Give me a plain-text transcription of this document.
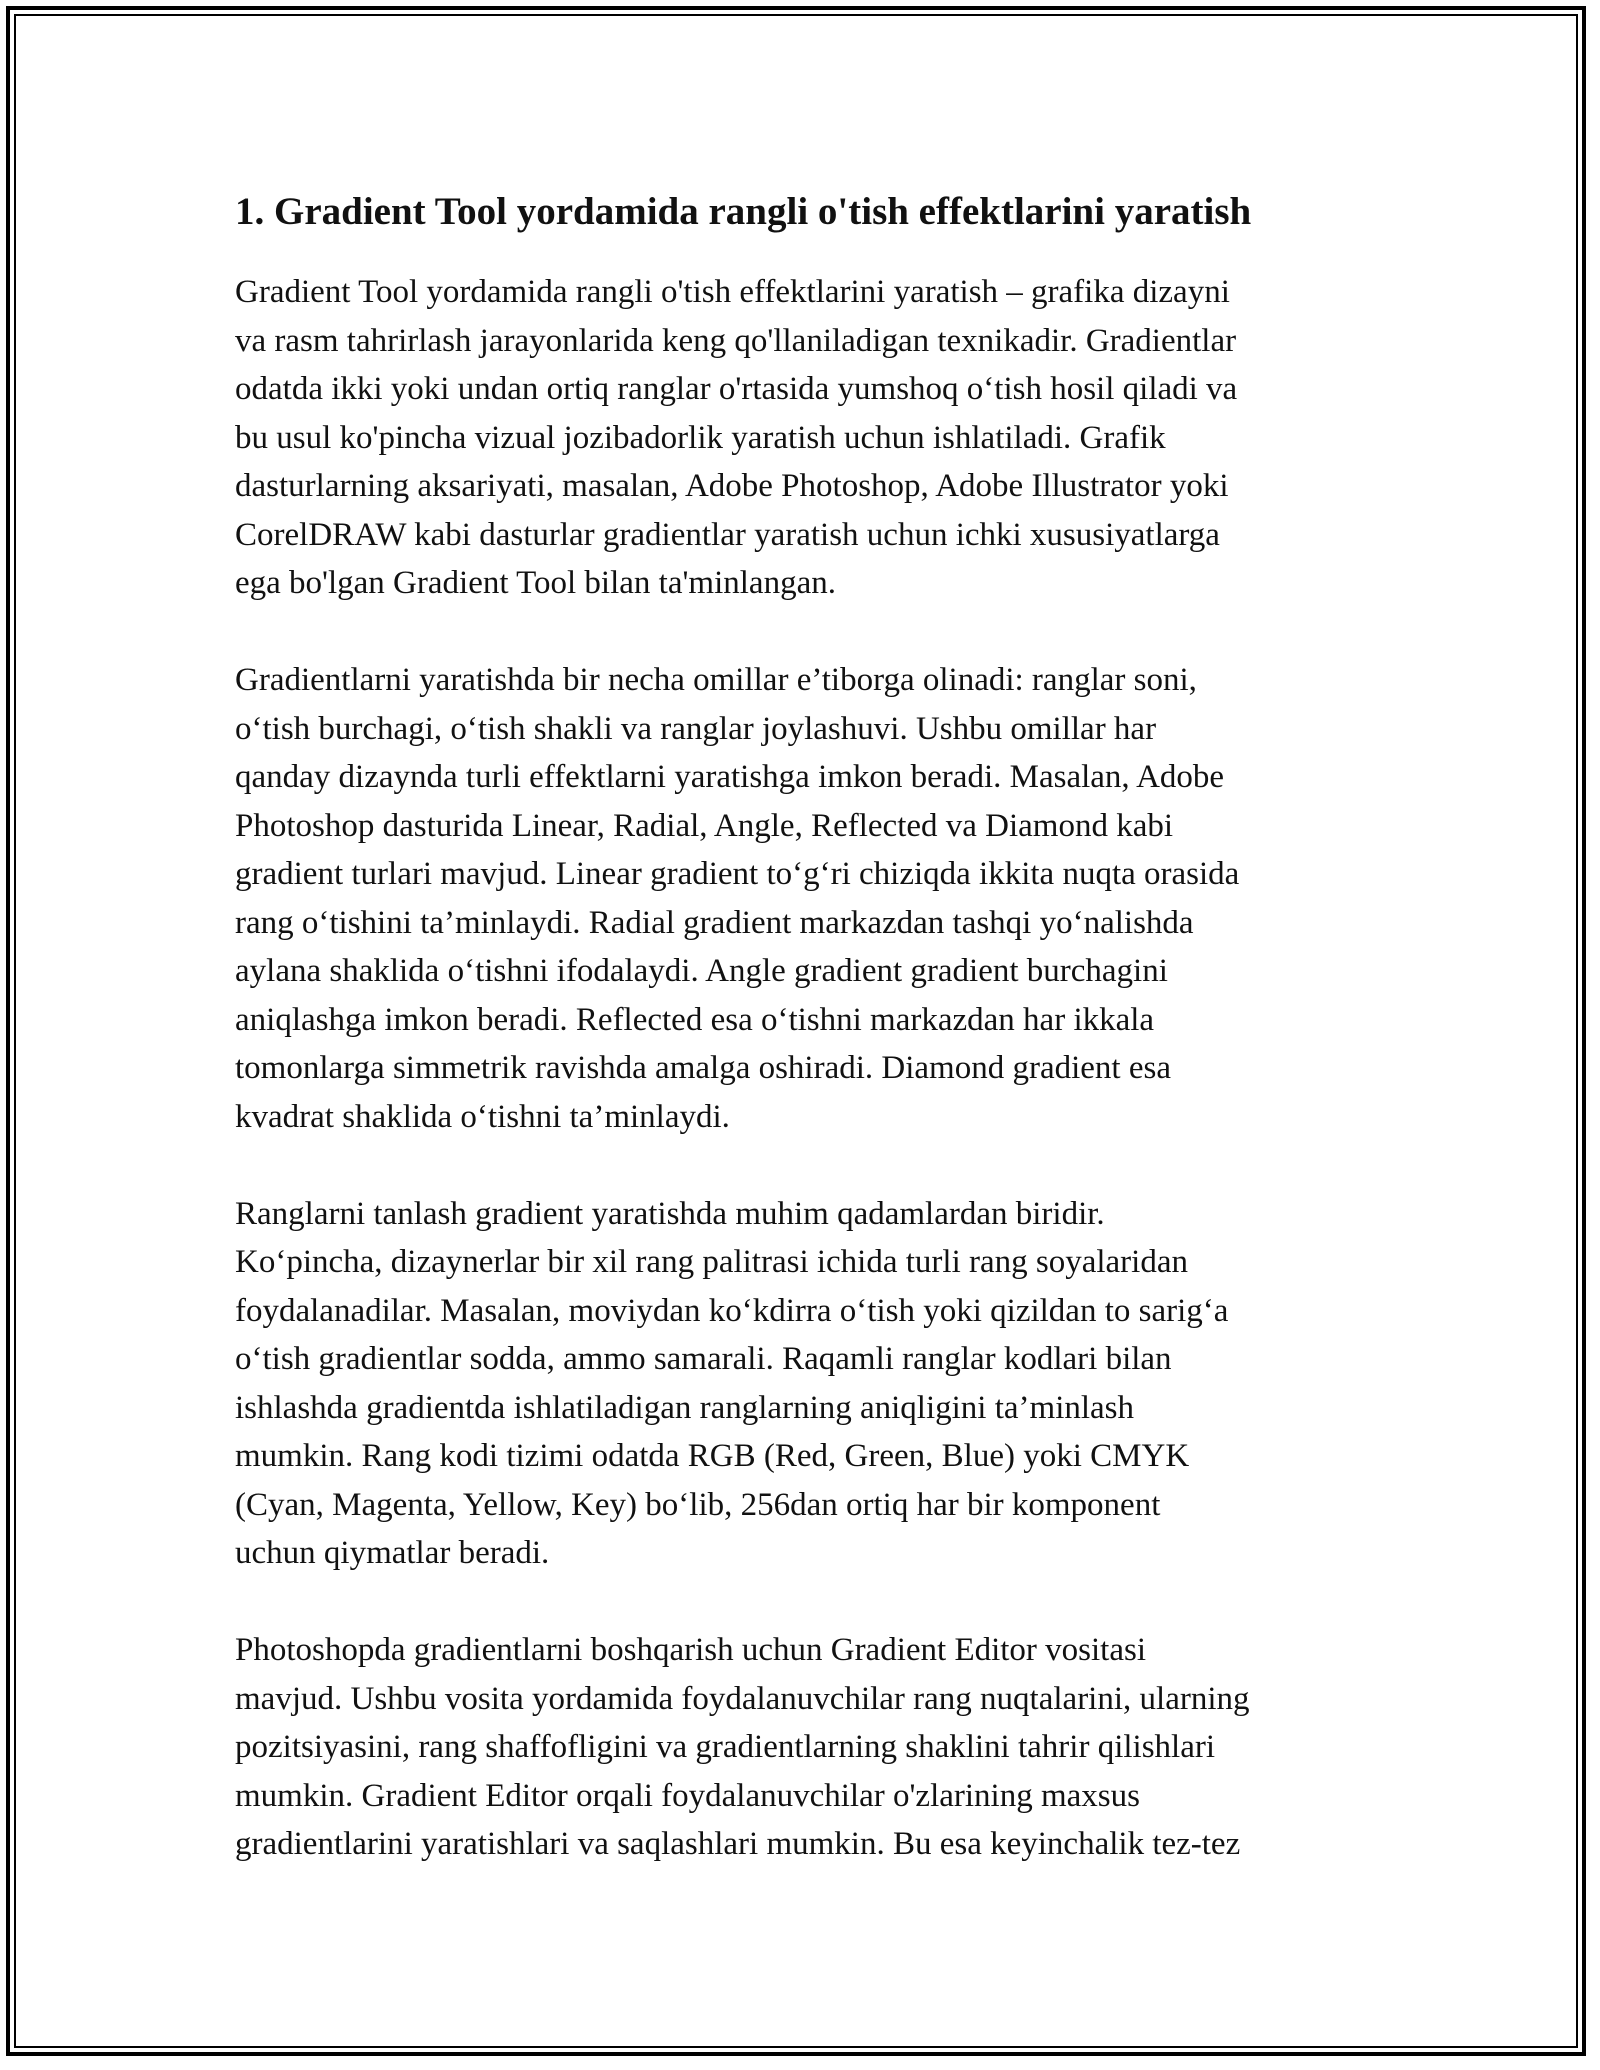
1. Gradient Tool yordamida rangli o'tish effektlarini yaratish

Gradient Tool yordamida rangli o'tish effektlarini yaratish – grafika dizayni
va rasm tahrirlash jarayonlarida keng qo'llaniladigan texnikadir. Gradientlar
odatda ikki yoki undan ortiq ranglar o'rtasida yumshoq o‘tish hosil qiladi va
bu usul ko'pincha vizual jozibadorlik yaratish uchun ishlatiladi. Grafik
dasturlarning aksariyati, masalan, Adobe Photoshop, Adobe Illustrator yoki
CorelDRAW kabi dasturlar gradientlar yaratish uchun ichki xususiyatlarga
ega bo'lgan Gradient Tool bilan ta'minlangan.

Gradientlarni yaratishda bir necha omillar e’tiborga olinadi: ranglar soni,
o‘tish burchagi, o‘tish shakli va ranglar joylashuvi. Ushbu omillar har
qanday dizaynda turli effektlarni yaratishga imkon beradi. Masalan, Adobe
Photoshop dasturida Linear, Radial, Angle, Reflected va Diamond kabi
gradient turlari mavjud. Linear gradient to‘g‘ri chiziqda ikkita nuqta orasida
rang o‘tishini ta’minlaydi. Radial gradient markazdan tashqi yo‘nalishda
aylana shaklida o‘tishni ifodalaydi. Angle gradient gradient burchagini
aniqlashga imkon beradi. Reflected esa o‘tishni markazdan har ikkala
tomonlarga simmetrik ravishda amalga oshiradi. Diamond gradient esa
kvadrat shaklida o‘tishni ta’minlaydi.

Ranglarni tanlash gradient yaratishda muhim qadamlardan biridir.
Ko‘pincha, dizaynerlar bir xil rang palitrasi ichida turli rang soyalaridan
foydalanadilar. Masalan, moviydan ko‘kdirra o‘tish yoki qizildan to sarig‘a
o‘tish gradientlar sodda, ammo samarali. Raqamli ranglar kodlari bilan
ishlashda gradientda ishlatiladigan ranglarning aniqligini ta’minlash
mumkin. Rang kodi tizimi odatda RGB (Red, Green, Blue) yoki CMYK
(Cyan, Magenta, Yellow, Key) bo‘lib, 256dan ortiq har bir komponent
uchun qiymatlar beradi.

Photoshopda gradientlarni boshqarish uchun Gradient Editor vositasi
mavjud. Ushbu vosita yordamida foydalanuvchilar rang nuqtalarini, ularning
pozitsiyasini, rang shaffofligini va gradientlarning shaklini tahrir qilishlari
mumkin. Gradient Editor orqali foydalanuvchilar o'zlarining maxsus
gradientlarini yaratishlari va saqlashlari mumkin. Bu esa keyinchalik tez-tez
